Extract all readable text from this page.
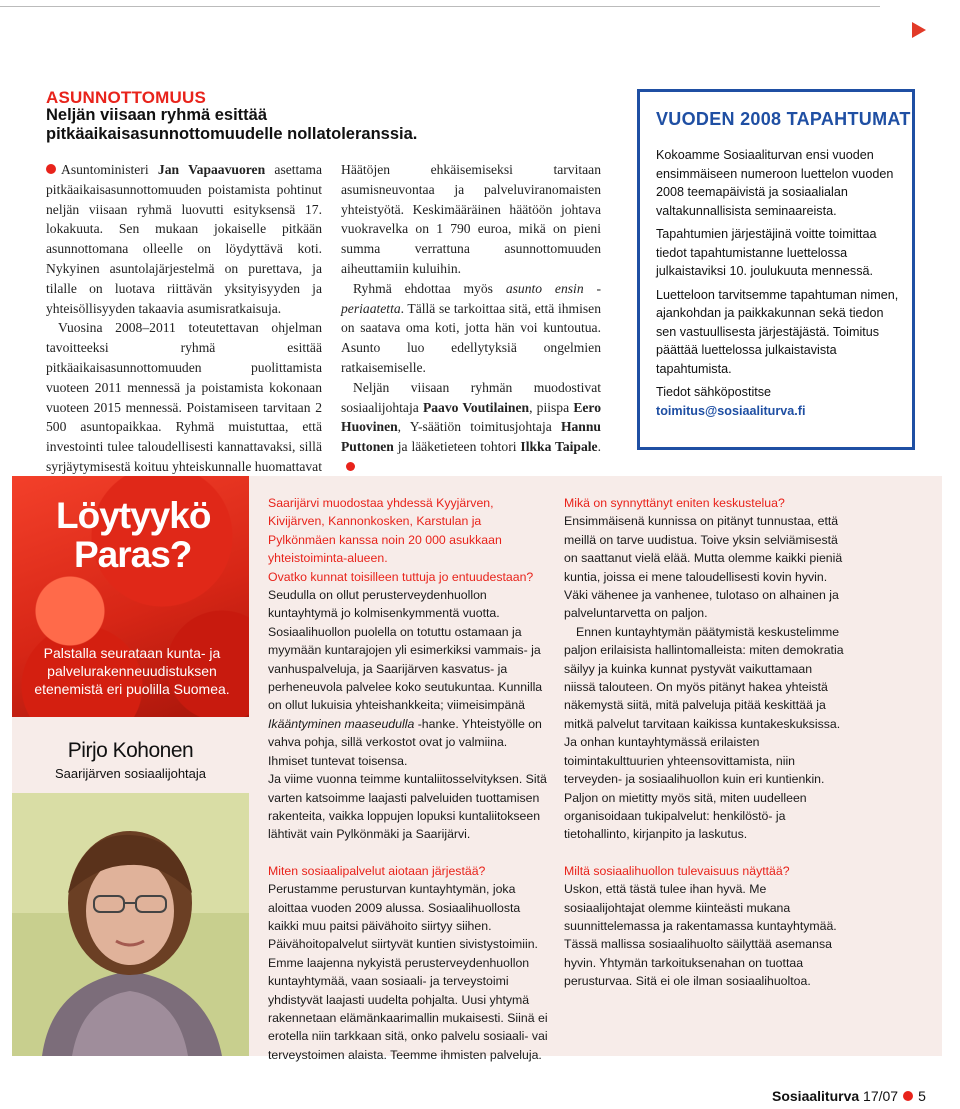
ASUNNOTTOMUUS
Neljän viisaan ryhmä esittää pitkäaikaisasunnottomuudelle nollatoleranssia.

Asuntoministeri Jan Vapaavuoren asettama pitkäaikaisasunnottomuuden poistamista pohtinut neljän viisaan ryhmä luovutti esityksensä 17. lokakuuta. Sen mukaan jokaiselle pitkään asunnottomana olleelle on löydyttävä koti. Nykyinen asuntolajärjestelmä on purettava, ja tilalle on luotava riittävän yksityisyyden ja yhteisöllisyyden takaavia asumisratkaisuja.

Vuosina 2008–2011 toteutettavan ohjelman tavoitteeksi ryhmä esittää pitkäaikaisasunnottomuuden puolittamista vuoteen 2011 mennessä ja poistamista kokonaan vuoteen 2015 mennessä. Poistamiseen tarvitaan 2 500 asuntopaikkaa. Ryhmä muistuttaa, että investointi tulee taloudellisesti kannattavaksi, sillä syrjäytymisestä koituu yhteiskunnalle huomattavat

Häätöjen ehkäisemiseksi tarvitaan asumisneuvontaa ja palveluviranomaisten yhteistyötä. Keskimääräinen häätöön johtava vuokravelka on 1 790 euroa, mikä on pieni summa verrattuna asunnottomuuden aiheuttamiin kuluihin.

Ryhmä ehdottaa myös asunto ensin -periaatetta. Tällä se tarkoittaa sitä, että ihmisen on saatava oma koti, jotta hän voi kuntoutua. Asunto luo edellytyksiä ongelmien ratkaisemiselle.

Neljän viisaan ryhmän muodostivat sosiaalijohtaja Paavo Voutilainen, piispa Eero Huovinen, Y-säätiön toimitusjohtaja Hannu Puttonen ja lääketieteen tohtori Ilkka Taipale.

VUODEN 2008 TAPAHTUMAT

Kokoamme Sosiaaliturvan ensi vuoden ensimmäiseen numeroon luettelon vuoden 2008 teemapäivistä ja sosiaalialan valtakunnallisista seminaareista.

Tapahtumien järjestäjinä voitte toimittaa tiedot tapahtumistanne luettelossa julkaistaviksi 10. joulukuuta mennessä.

Luetteloon tarvitsemme tapahtuman nimen, ajankohdan ja paikkakunnan sekä tiedon sen vastuullisesta järjestäjästä. Toimitus päättää luettelossa julkaistavista tapahtumista.

Tiedot sähköpostitse

toimitus@sosiaaliturva.fi

Löytyykö
Paras?
Palstalla seurataan kunta- ja palvelurakenneuudistuksen etenemistä eri puolilla Suomea.
Pirjo Kohonen
Saarijärven sosiaalijohtaja

Saarijärvi muodostaa yhdessä Kyyjärven, Kivijärven, Kannonkosken, Karstulan ja Pylkönmäen kanssa noin 20 000 asukkaan yhteistoiminta-alueen.

Ovatko kunnat toisilleen tuttuja jo entuudestaan?

Seudulla on ollut perusterveydenhuollon kuntayhtymä jo kolmisenkymmentä vuotta. Sosiaalihuollon puolella on totuttu ostamaan ja myymään kuntarajojen yli esimerkiksi vammais- ja vanhuspalveluja, ja Saarijärven kasvatus- ja perheneuvola palvelee koko seutukuntaa. Kunnilla on ollut lukuisia yhteishankkeita; viimeisimpänä Ikääntyminen maaseudulla -hanke. Yhteistyölle on vahva pohja, sillä verkostot ovat jo valmiina. Ihmiset tuntevat toisensa.

Ja viime vuonna teimme kuntaliitosselvityksen. Sitä varten katsoimme laajasti palveluiden tuottamisen rakenteita, vaikka loppujen lopuksi kuntaliitokseen lähtivät vain Pylkönmäki ja Saarijärvi.

Miten sosiaalipalvelut aiotaan järjestää?

Perustamme perusturvan kuntayhtymän, joka aloittaa vuoden 2009 alussa. Sosiaalihuollosta kaikki muu paitsi päivähoito siirtyy siihen. Päivähoitopalvelut siirtyvät kuntien sivistystoimiin. Emme laajenna nykyistä perusterveydenhuollon kuntayhtymää, vaan sosiaali- ja terveystoimi yhdistyvät laajasti uudelta pohjalta. Uusi yhtymä rakennetaan elämänkaarimallin mukaisesti. Siinä ei erotella niin tarkkaan sitä, onko palvelu sosiaali- vai terveystoimen alaista. Teemme ihmisten palveluja.

Mikä on synnyttänyt eniten keskustelua?

Ensimmäisenä kunnissa on pitänyt tunnustaa, että meillä on tarve uudistua. Toive yksin selviämisestä on saattanut vielä elää. Mutta olemme kaikki pieniä kuntia, joissa ei mene taloudellisesti kovin hyvin. Väki vähenee ja vanhenee, tulotaso on alhainen ja palveluntarvetta on paljon.

Ennen kuntayhtymän päätymistä keskustelimme paljon erilaisista hallintomalleista: miten demokratia säilyy ja kuinka kunnat pystyvät vaikuttamaan niissä talouteen. On myös pitänyt hakea yhteistä näkemystä siitä, mitä palveluja pitää keskittää ja mitkä palvelut tarvitaan kaikissa kuntakeskuksissa. Ja onhan kuntayhtymässä erilaisten toimintakulttuurien yhteensovittamista, niin terveyden- ja sosiaalihuollon kuin eri kuntienkin. Paljon on mietitty myös sitä, miten uudelleen organisoidaan tukipalvelut: henkilöstö- ja tietohallinto, kirjanpito ja laskutus.

Miltä sosiaalihuollon tulevaisuus näyttää?

Uskon, että tästä tulee ihan hyvä. Me sosiaalijohtajat olemme kiinteästi mukana suunnittelemassa ja rakentamassa kuntayhtymää. Tässä mallissa sosiaalihuolto säilyttää asemansa hyvin. Yhtymän tarkoituksenahan on tuottaa perusturvaa. Sitä ei ole ilman sosiaalihuoltoa.

Sosiaaliturva 17/07 5
